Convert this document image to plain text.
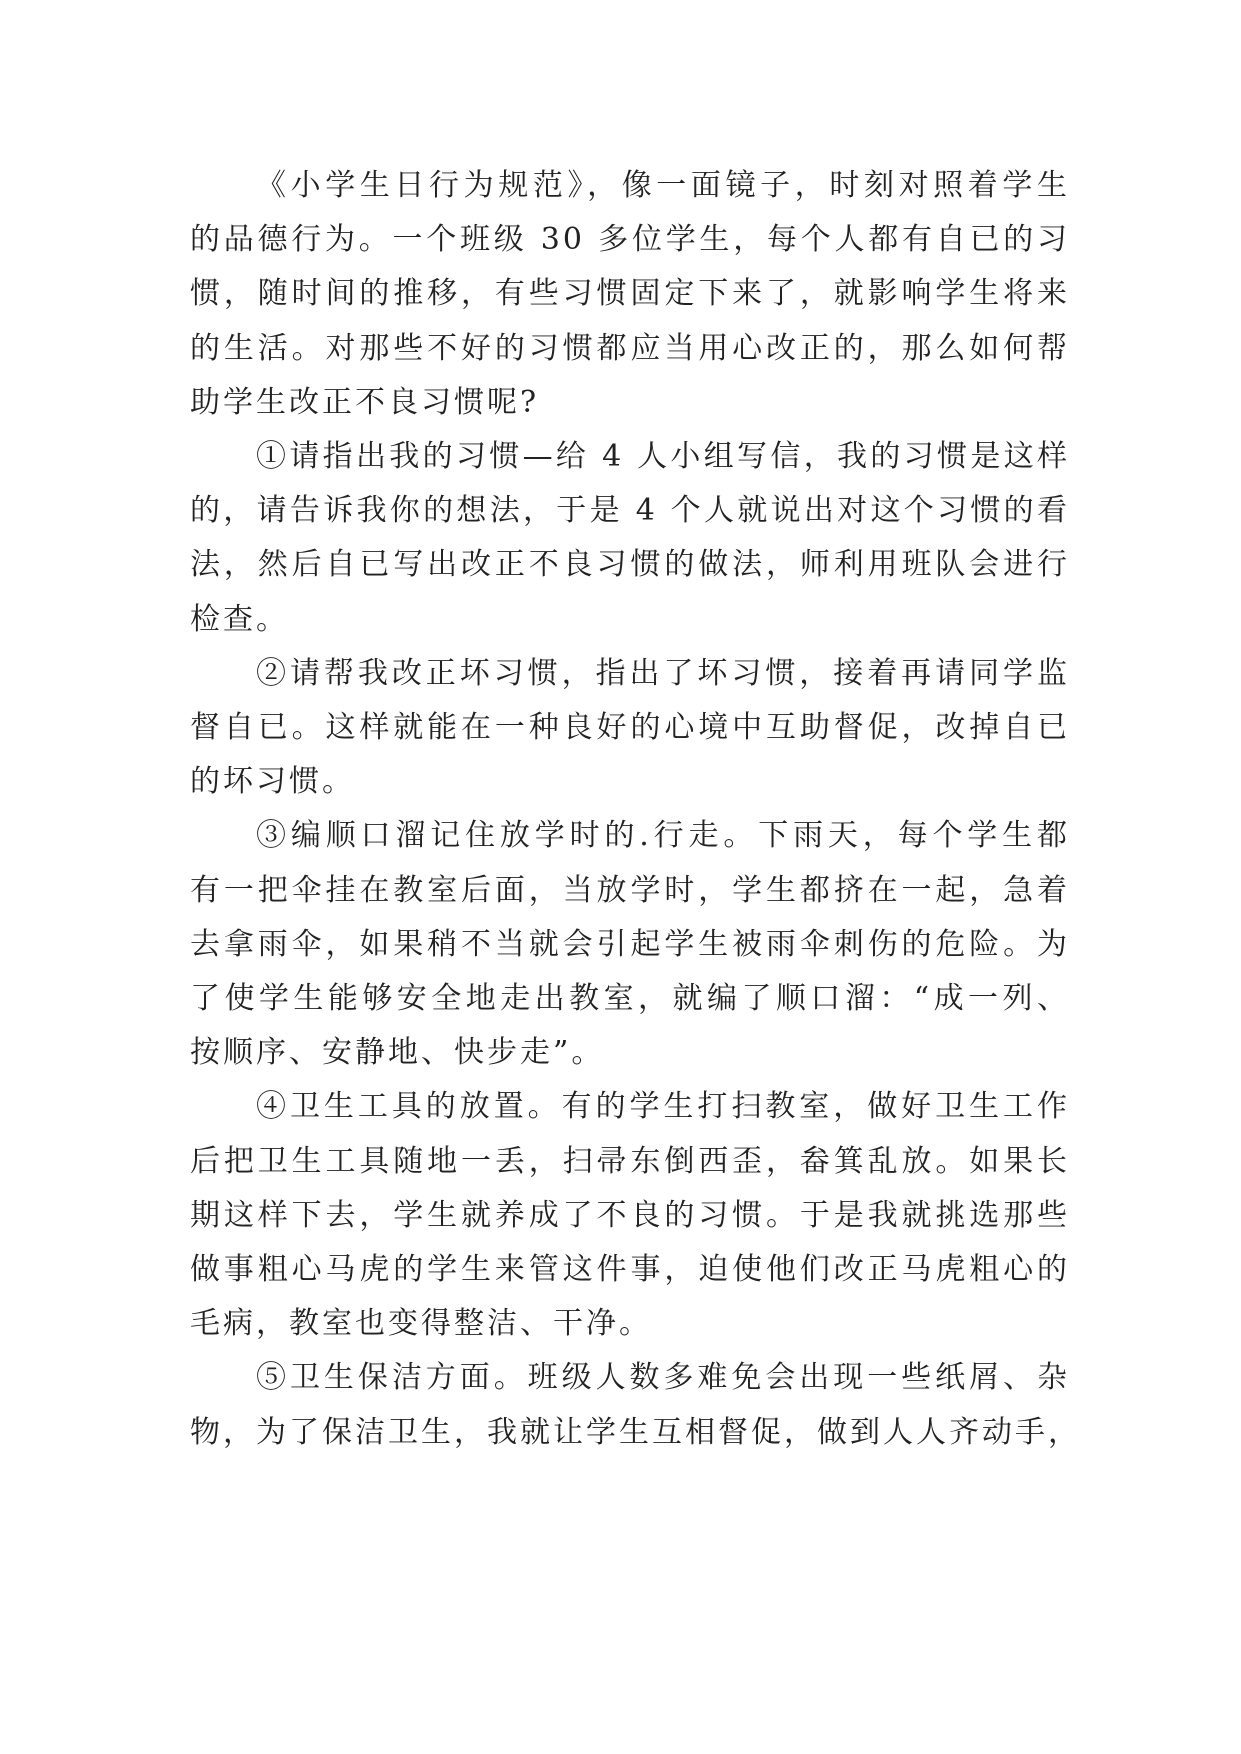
《小学生日行为规范》，像一面镜子，时刻对照着学生
的品德行为。一个班级 30 多位学生，每个人都有自已的习
惯，随时间的推移，有些习惯固定下来了，就影响学生将来
的生活。对那些不好的习惯都应当用心改正的，那么如何帮
助学生改正不良习惯呢?
①请指出我的习惯—给 4 人小组写信，我的习惯是这样
的，请告诉我你的想法，于是 4 个人就说出对这个习惯的看
法，然后自已写出改正不良习惯的做法，师利用班队会进行
检查。
②请帮我改正坏习惯，指出了坏习惯，接着再请同学监
督自已。这样就能在一种良好的心境中互助督促，改掉自已
的坏习惯。
③编顺口溜记住放学时的.行走。下雨天，每个学生都
有一把伞挂在教室后面，当放学时，学生都挤在一起，急着
去拿雨伞，如果稍不当就会引起学生被雨伞刺伤的危险。为
了使学生能够安全地走出教室，就编了顺口溜：“成一列、
按顺序、安静地、快步走”。
④卫生工具的放置。有的学生打扫教室，做好卫生工作
后把卫生工具随地一丢，扫帚东倒西歪，畚箕乱放。如果长
期这样下去，学生就养成了不良的习惯。于是我就挑选那些
做事粗心马虎的学生来管这件事，迫使他们改正马虎粗心的
毛病，教室也变得整洁、干净。
⑤卫生保洁方面。班级人数多难免会出现一些纸屑、杂
物，为了保洁卫生，我就让学生互相督促，做到人人齐动手，
